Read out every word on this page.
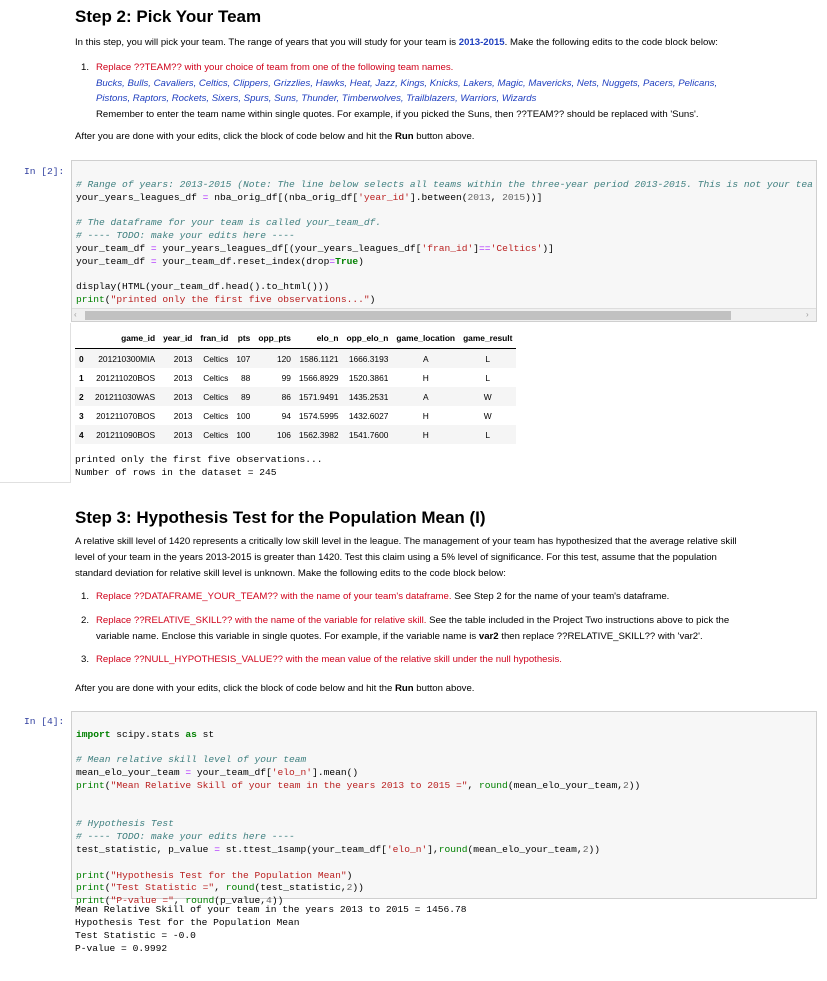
Step 2: Pick Your Team
In this step, you will pick your team. The range of years that you will study for your team is 2013-2015. Make the following edits to the code block below:
1. Replace ??TEAM?? with your choice of team from one of the following team names.
Bucks, Bulls, Cavaliers, Celtics, Clippers, Grizzlies, Hawks, Heat, Jazz, Kings, Knicks, Lakers, Magic, Mavericks, Nets, Nuggets, Pacers, Pelicans,
Pistons, Raptors, Rockets, Sixers, Spurs, Suns, Thunder, Timberwolves, Trailblazers, Warriors, Wizards
Remember to enter the team name within single quotes. For example, if you picked the Suns, then ??TEAM?? should be replaced with 'Suns'.
After you are done with your edits, click the block of code below and hit the Run button above.
In [2]:

# Range of years: 2013-2015 (Note: The line below selects all teams within the three-year period 2013-2015. This is not your tea
your_years_leagues_df = nba_orig_df[(nba_orig_df['year_id'].between(2013, 2015))]

# The dataframe for your team is called your_team_df.
# ---- TODO: make your edits here ----
your_team_df = your_years_leagues_df[(your_years_leagues_df['fran_id']=='Celtics')]
your_team_df = your_team_df.reset_index(drop=True)

display(HTML(your_team_df.head().to_html()))
print("printed only the first five observations...")

‹	›
	game_id	year_id	fran_id	pts	opp_pts	elo_n	opp_elo_n	game_location	game_result
0	201210300MIA	2013	Celtics	107	120	1586.1121	1666.3193	A	L
1	201211020BOS	2013	Celtics	88	99	1566.8929	1520.3861	H	L
2	201211030WAS	2013	Celtics	89	86	1571.9491	1435.2531	A	W
3	201211070BOS	2013	Celtics	100	94	1574.5995	1432.6027	H	W
4	201211090BOS	2013	Celtics	100	106	1562.3982	1541.7600	H	L
printed only the first five observations...
Number of rows in the dataset = 245
Step 3: Hypothesis Test for the Population Mean (I)
A relative skill level of 1420 represents a critically low skill level in the league. The management of your team has hypothesized that the average relative skill
level of your team in the years 2013-2015 is greater than 1420. Test this claim using a 5% level of significance. For this test, assume that the population
standard deviation for relative skill level is unknown. Make the following edits to the code block below:
1. Replace ??DATAFRAME_YOUR_TEAM?? with the name of your team's dataframe. See Step 2 for the name of your team's dataframe.
2. Replace ??RELATIVE_SKILL?? with the name of the variable for relative skill. See the table included in the Project Two instructions above to pick the
variable name. Enclose this variable in single quotes. For example, if the variable name is var2 then replace ??RELATIVE_SKILL?? with 'var2'.
3. Replace ??NULL_HYPOTHESIS_VALUE?? with the mean value of the relative skill under the null hypothesis.
After you are done with your edits, click the block of code below and hit the Run button above.
In [4]:

import scipy.stats as st

# Mean relative skill level of your team
mean_elo_your_team = your_team_df['elo_n'].mean()
print("Mean Relative Skill of your team in the years 2013 to 2015 =", round(mean_elo_your_team,2))

# Hypothesis Test
# ---- TODO: make your edits here ----
test_statistic, p_value = st.ttest_1samp(your_team_df['elo_n'],round(mean_elo_your_team,2))

print("Hypothesis Test for the Population Mean")
print("Test Statistic =", round(test_statistic,2))
print("P-value =", round(p_value,4))
Mean Relative Skill of your team in the years 2013 to 2015 = 1456.78
Hypothesis Test for the Population Mean
Test Statistic = -0.0
P-value = 0.9992
